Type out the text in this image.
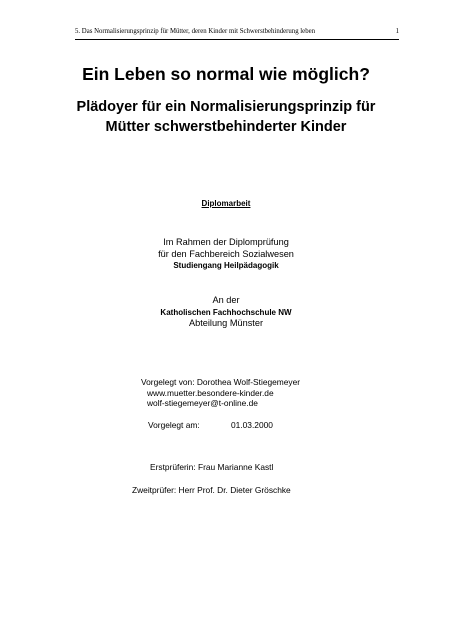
5. Das Normalisierungsprinzip für Mütter, deren Kinder mit Schwerstbehinderung leben	1
Ein Leben so normal wie möglich?
Plädoyer für ein Normalisierungsprinzip für
Mütter schwerstbehinderter Kinder
Diplomarbeit
Im Rahmen der Diplomprüfung
für den Fachbereich Sozialwesen
Studiengang Heilpädagogik
An der
Katholischen Fachhochschule NW
Abteilung Münster
Vorgelegt von: Dorothea Wolf-Stiegemeyer
www.muetter.besondere-kinder.de
wolf-stiegemeyer@t-online.de
Vorgelegt am:	01.03.2000
Erstprüferin: Frau Marianne Kastl
Zweitprüfer: Herr Prof. Dr. Dieter Gröschke
